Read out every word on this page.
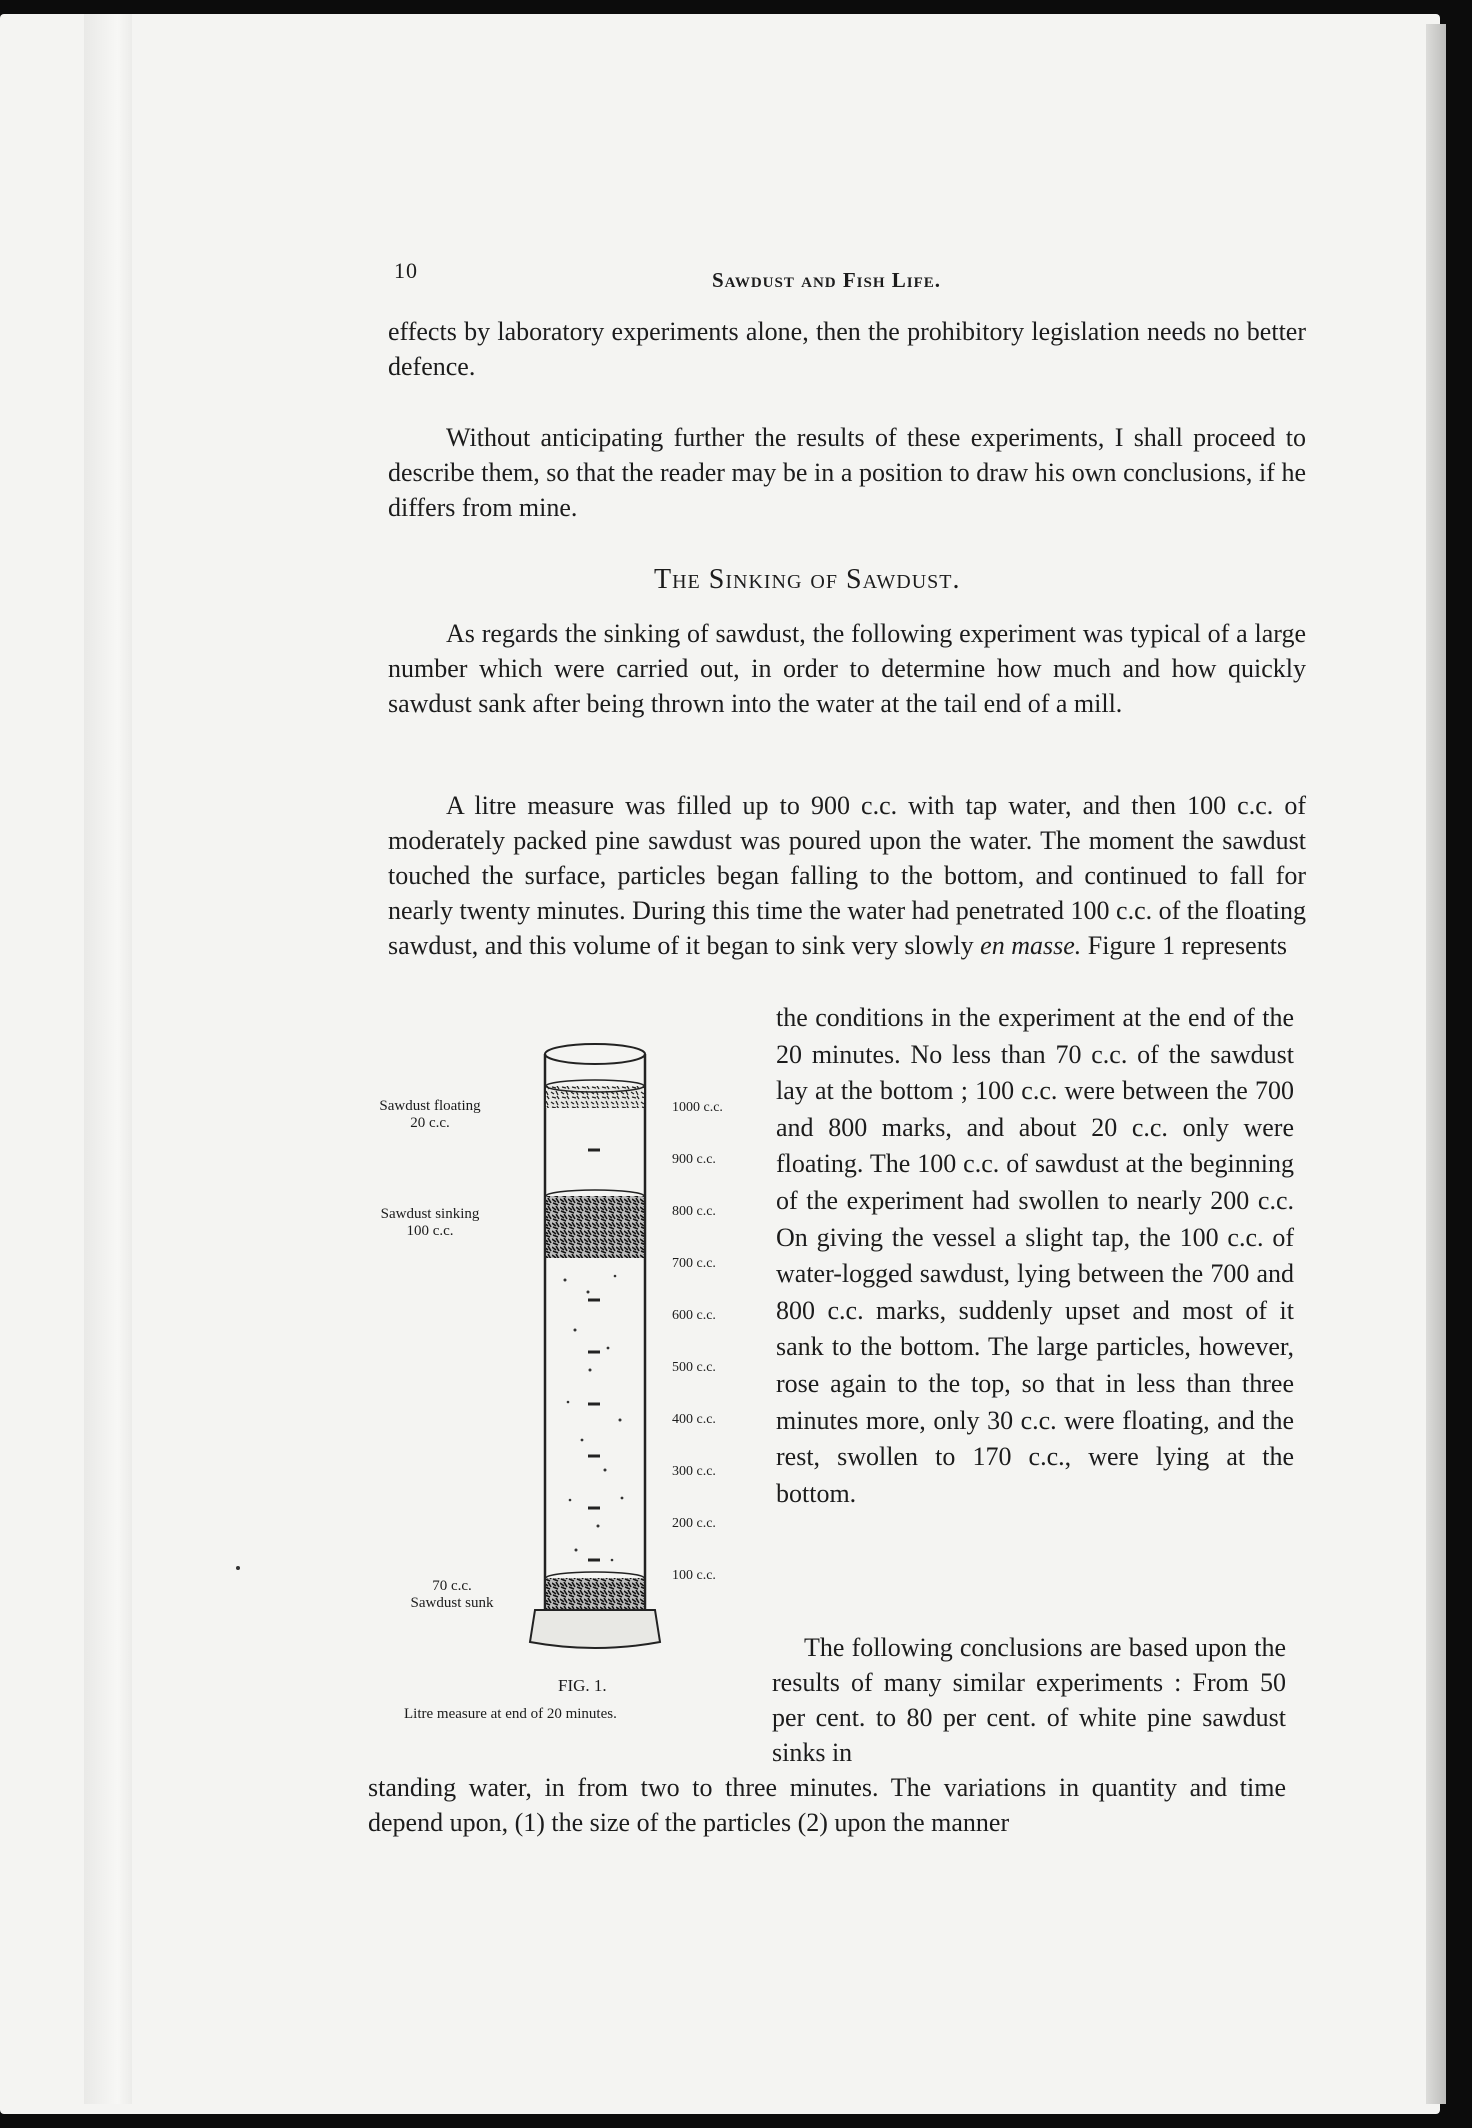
10	Sawdust and Fish Life.

effects by laboratory experiments alone, then the prohibitory legislation needs no better defence.

Without anticipating further the results of these experiments, I shall proceed to describe them, so that the reader may be in a position to draw his own conclusions, if he differs from mine.

The Sinking of Sawdust.

As regards the sinking of sawdust, the following experiment was typical of a large number which were carried out, in order to determine how much and how quickly sawdust sank after being thrown into the water at the tail end of a mill.

A litre measure was filled up to 900 c.c. with tap water, and then 100 c.c. of moderately packed pine sawdust was poured upon the water. The moment the sawdust touched the surface, particles began falling to the bottom, and continued to fall for nearly twenty minutes. During this time the water had penetrated 100 c.c. of the floating sawdust, and this volume of it began to sink very slowly en masse. Figure 1 represents

the conditions in the experiment at the end of the 20 minutes. No less than 70 c.c. of the sawdust lay at the bottom ; 100 c.c. were between the 700 and 800 marks, and about 20 c.c. only were floating. The 100 c.c. of sawdust at the beginning of the experiment had swollen to nearly 200 c.c. On giving the vessel a slight tap, the 100 c.c. of water-logged sawdust, lying between the 700 and 800 c.c. marks, suddenly upset and most of it sank to the bottom. The large particles, however, rose again to the top, so that in less than three minutes more, only 30 c.c. were floating, and the rest, swollen to 170 c.c., were lying at the bottom.
Sawdust floating
20 c.c.
Sawdust sinking
100 c.c.
70 c.c.
Sawdust sunk
1000 c.c.
900 c.c.
800 c.c.
700 c.c.
600 c.c.
500 c.c.
400 c.c.
300 c.c.
200 c.c.
100 c.c.
FIG. 1.
Litre measure at end of 20 minutes.
The following conclusions are based upon the results of many similar experiments : From 50 per cent. to 80 per cent. of white pine sawdust sinks in
standing water, in from two to three minutes. The variations in quantity and time depend upon, (1) the size of the particles (2) upon the manner
